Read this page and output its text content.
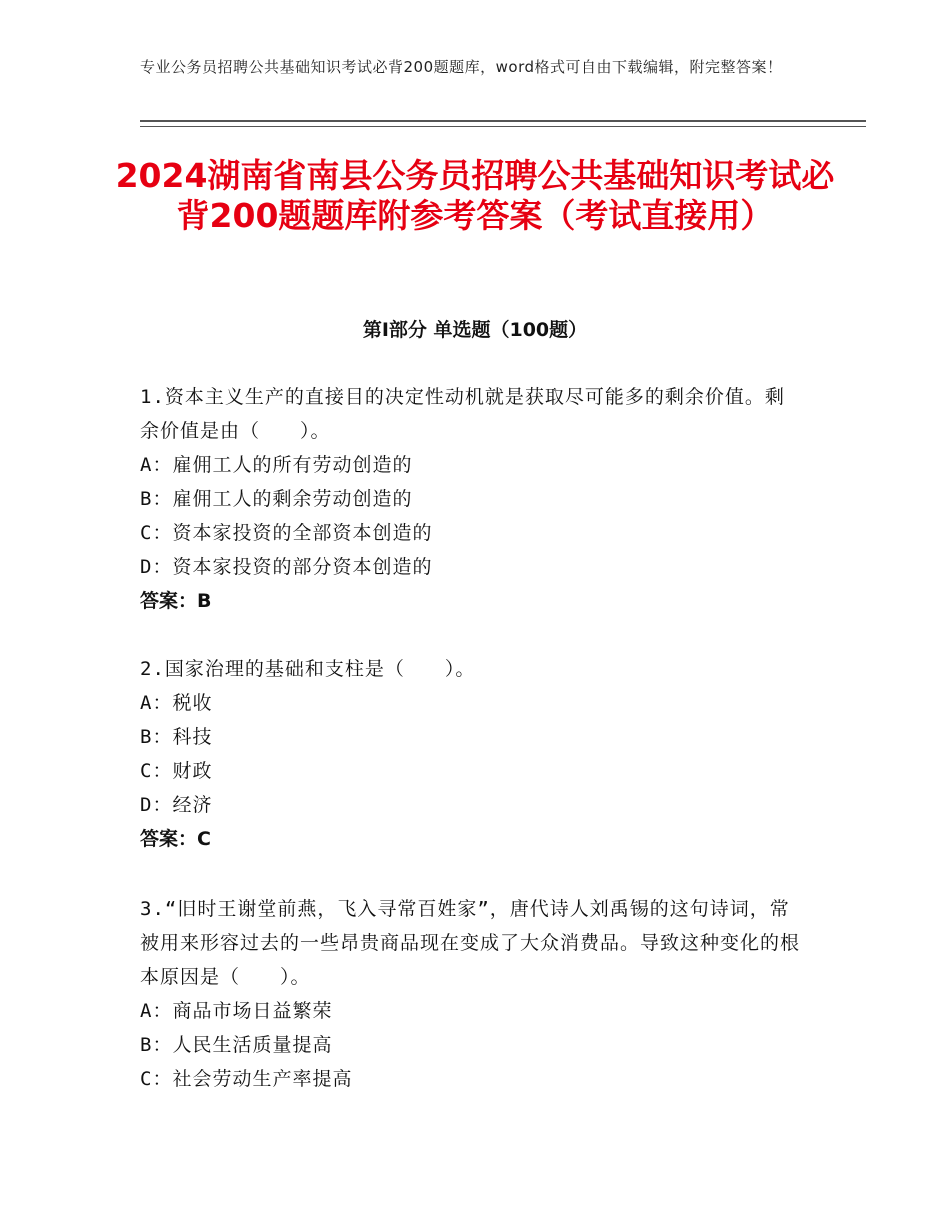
专业公务员招聘公共基础知识考试必背200题题库，word格式可自由下载编辑，附完整答案！
2024湖南省南县公务员招聘公共基础知识考试必背200题题库附参考答案（考试直接用）
第Ⅰ部分 单选题（100题）
1.资本主义生产的直接目的决定性动机就是获取尽可能多的剩余价值。剩余价值是由（　　）。
A：雇佣工人的所有劳动创造的
B：雇佣工人的剩余劳动创造的
C：资本家投资的全部资本创造的
D：资本家投资的部分资本创造的
答案：B
2.国家治理的基础和支柱是（　　）。
A：税收
B：科技
C：财政
D：经济
答案：C
3.“旧时王谢堂前燕，飞入寻常百姓家”，唐代诗人刘禹锡的这句诗词，常被用来形容过去的一些昂贵商品现在变成了大众消费品。导致这种变化的根本原因是（　　）。
A：商品市场日益繁荣
B：人民生活质量提高
C：社会劳动生产率提高
